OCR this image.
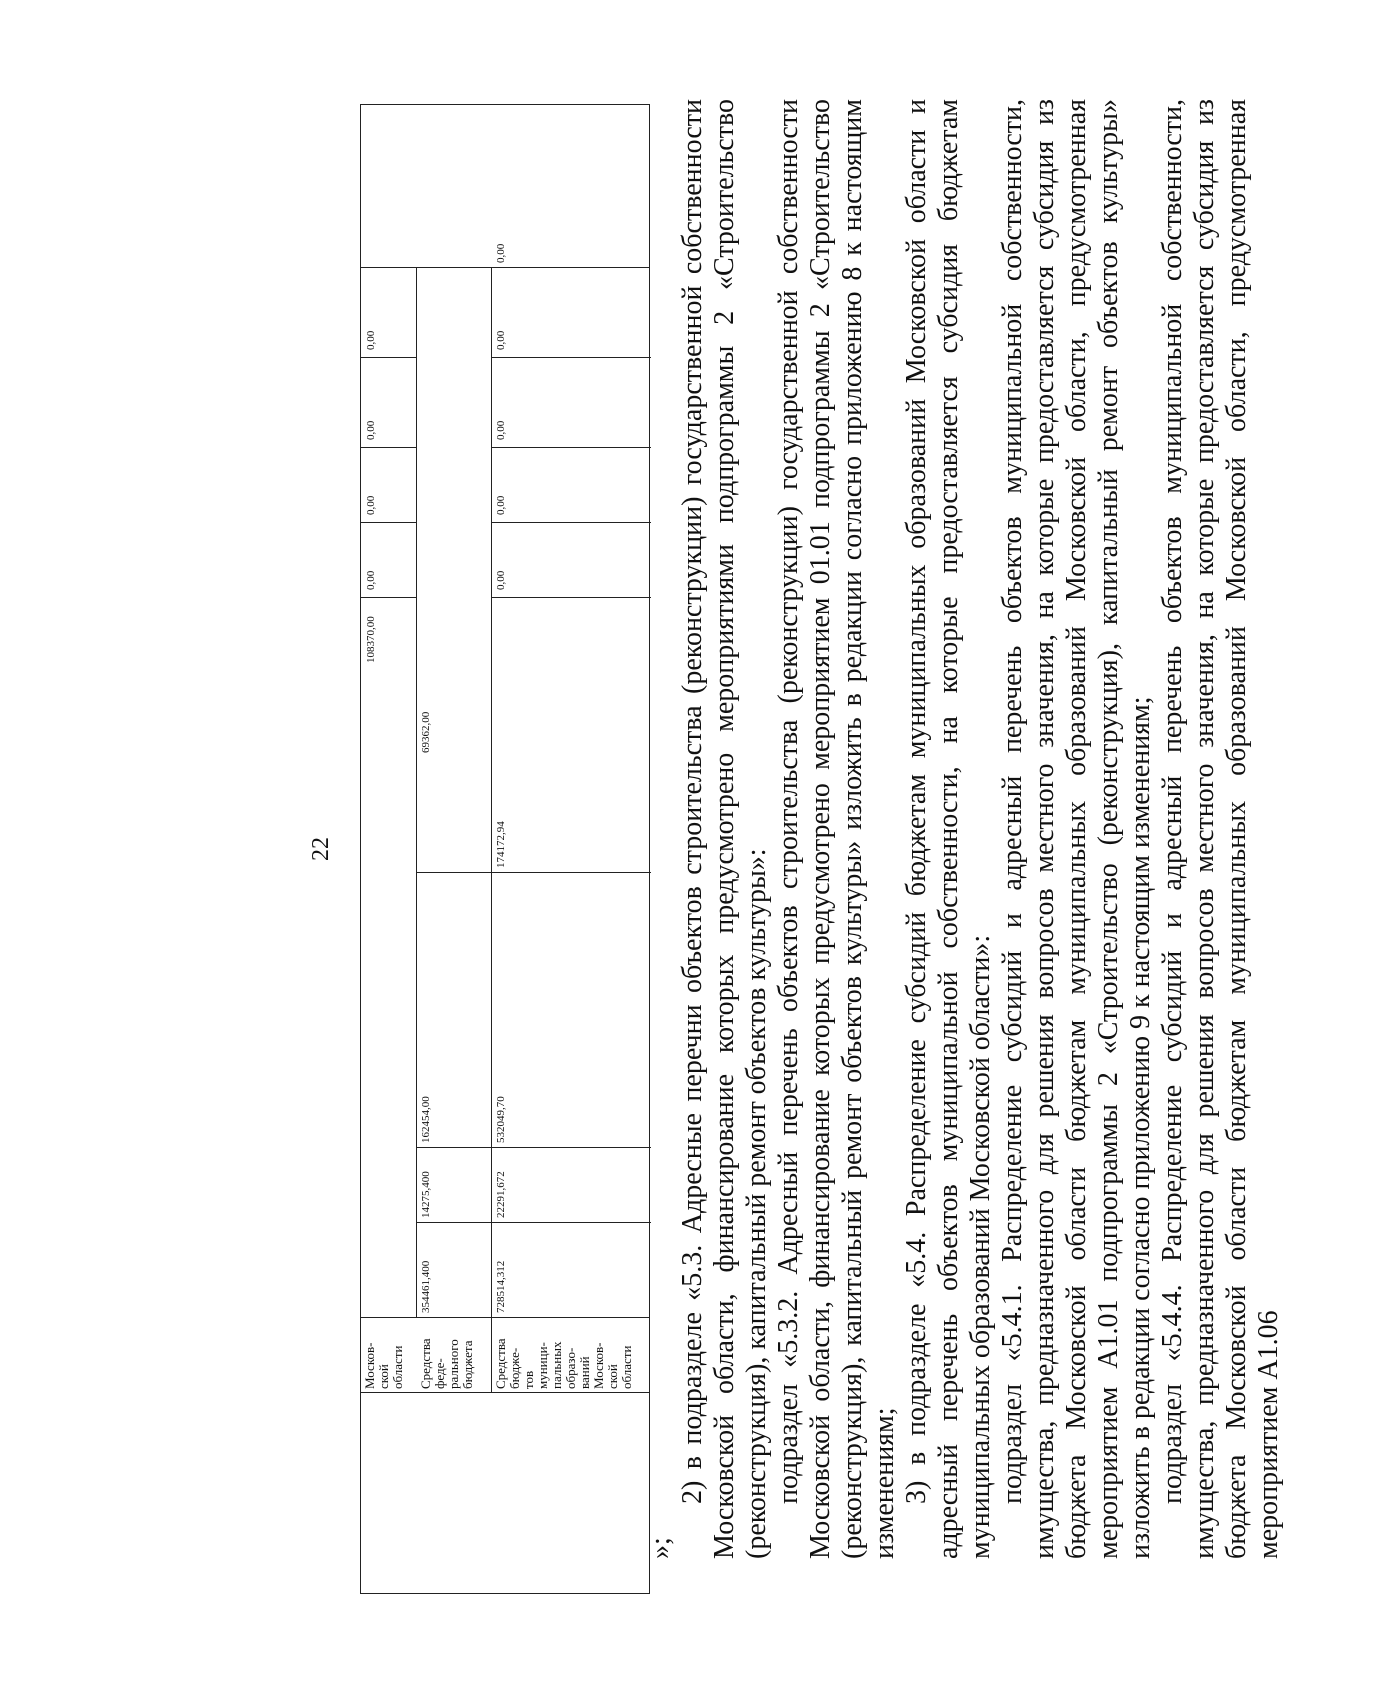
22
Москов-
ской
области Средства
феде-
рального
бюджета Средства
бюдже-
тов
муници-
пальных
образо-
ваний
Москов-
ской
области
108370,00
0,00
0,00
0,00
0,00
354461,400
14275,400
162454,00
69362,00
728514,312
22291,672
532049,70
174172,94
0,00
0,00
0,00
0,00
0,00
»;

2) в подразделе «5.3. Адресные перечни объектов строительства (реконструкции) государственной собственности Московской области, финансирование которых предусмотрено мероприятиями подпрограммы 2 «Строительство (реконструкция), капитальный ремонт объектов культуры»: подраздел «5.3.2. Адресный перечень объектов строительства (реконструкции) государственной собственности Московской области, финансирование которых предусмотрено мероприятием 01.01 подпрограммы 2 «Строительство (реконструкция), капитальный ремонт объектов культуры» изложить в редакции согласно приложению 8 к настоящим изменениям; 3) в подразделе «5.4. Распределение субсидий бюджетам муниципальных образований Московской области и адресный перечень объектов муниципальной собственности, на которые предоставляется субсидия бюджетам муниципальных образований Московской области»: подраздел «5.4.1. Распределение субсидий и адресный перечень объектов муниципальной собственности, имущества, предназначенного для решения вопросов местного значения, на которые предоставляется субсидия из бюджета Московской области бюджетам муниципальных образований Московской области, предусмотренная мероприятием А1.01 подпрограммы 2 «Строительство (реконструкция), капитальный ремонт объектов культуры» изложить в редакции согласно приложению 9 к настоящим изменениям; подраздел «5.4.4. Распределение субсидий и адресный перечень объектов муниципальной собственности, имущества, предназначенного для решения вопросов местного значения, на которые предоставляется субсидия из бюджета Московской области бюджетам муниципальных образований Московской области, предусмотренная мероприятием А1.06
